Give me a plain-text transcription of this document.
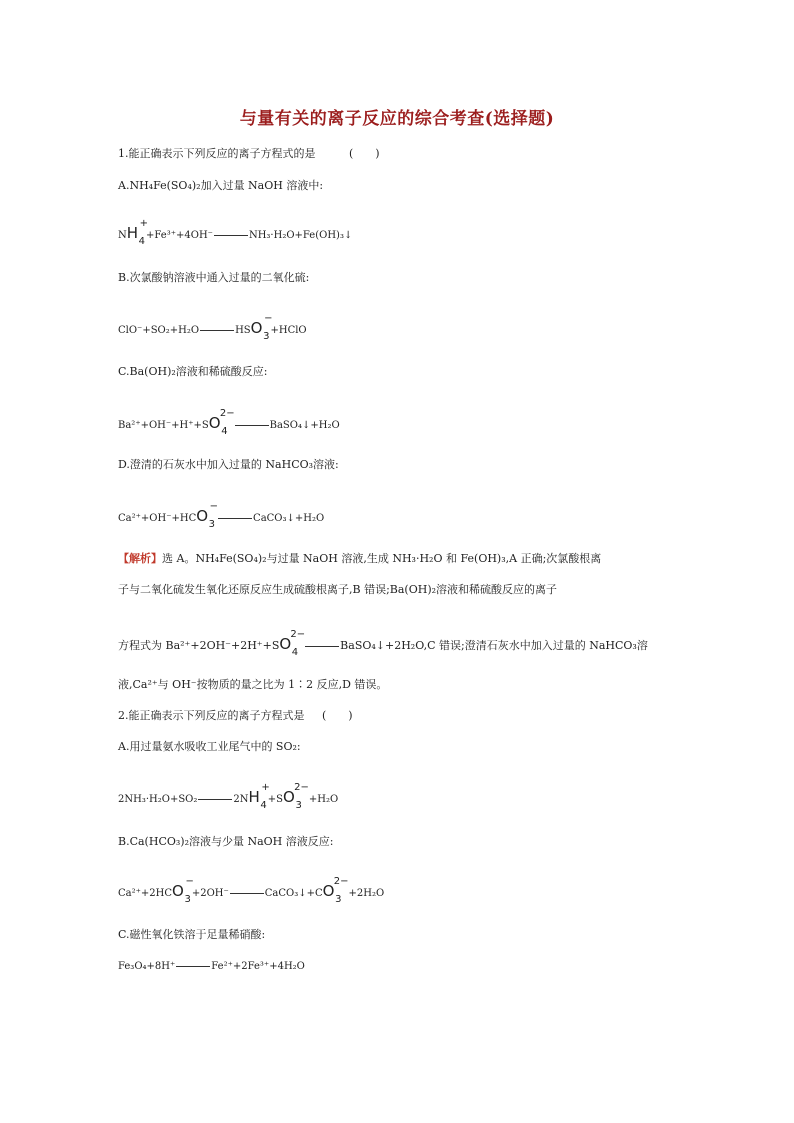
与量有关的离子反应的综合考查(选择题)
1.能正确表示下列反应的离子方程式的是	(　　)
A.NH₄Fe(SO₄)₂加入过量 NaOH 溶液中:
NH
+
4
+Fe³⁺+4OH⁻	NH₃·H₂O+Fe(OH)₃↓
B.次氯酸钠溶液中通入过量的二氧化硫:
ClO⁻+SO₂+H₂O	HSO
−
3
+HClO
C.Ba(OH)₂溶液和稀硫酸反应:
Ba²⁺+OH⁻+H⁺+SO
2−
4
BaSO₄↓+H₂O
D.澄清的石灰水中加入过量的 NaHCO₃溶液:
Ca²⁺+OH⁻+HCO
−
3
CaCO₃↓+H₂O
【解析】选 A。NH₄Fe(SO₄)₂与过量 NaOH 溶液,生成 NH₃·H₂O 和 Fe(OH)₃,A 正确;次氯酸根离
子与二氧化硫发生氧化还原反应生成硫酸根离子,B 错误;Ba(OH)₂溶液和稀硫酸反应的离子
方程式为 Ba²⁺+2OH⁻+2H⁺+SO
2−
4
BaSO₄↓+2H₂O,C 错误;澄清石灰水中加入过量的 NaHCO₃溶
液,Ca²⁺与 OH⁻按物质的量之比为 1∶2 反应,D 错误。
2.能正确表示下列反应的离子方程式是 (　　)
A.用过量氨水吸收工业尾气中的 SO₂:
2NH₃·H₂O+SO₂	2NH
+
4
+SO
2−
3
+H₂O
B.Ca(HCO₃)₂溶液与少量 NaOH 溶液反应:
Ca²⁺+2HCO
−
3
+2OH⁻	CaCO₃↓+CO
2−
3
+2H₂O
C.磁性氧化铁溶于足量稀硝酸:
Fe₃O₄+8H⁺	Fe²⁺+2Fe³⁺+4H₂O
